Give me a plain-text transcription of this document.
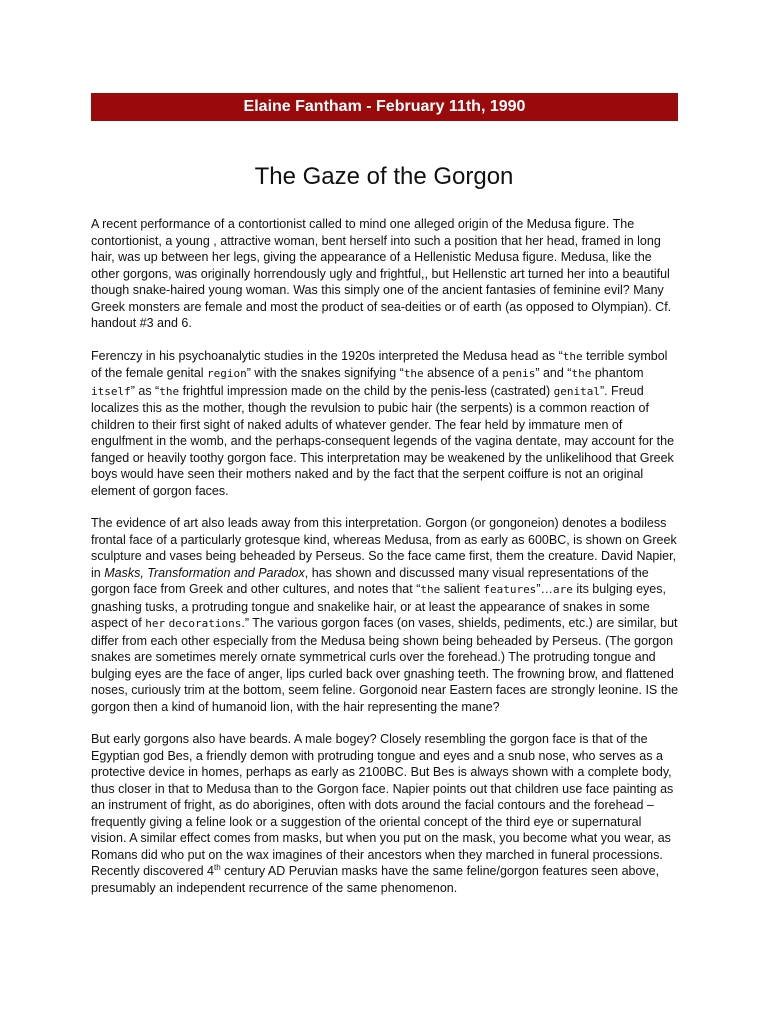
Elaine Fantham - February 11th, 1990
The Gaze of the Gorgon

A recent performance of a contortionist called to mind one alleged origin of the Medusa figure. The contortionist, a young , attractive woman, bent herself into such a position that her head, framed in long hair, was up between her legs, giving the appearance of a Hellenistic Medusa figure. Medusa, like the other gorgons, was originally horrendously ugly and frightful,, but Hellenstic art turned her into a beautiful though snake-haired young woman. Was this simply one of the ancient fantasies of feminine evil? Many Greek monsters are female and most the product of sea-deities or of earth (as opposed to Olympian). Cf. handout #3 and 6.

Ferenczy in his psychoanalytic studies in the 1920s interpreted the Medusa head as “the terrible symbol of the female genital region” with the snakes signifying “the absence of a penis” and “the phantom itself” as “the frightful impression made on the child by the penis-less (castrated) genital”. Freud localizes this as the mother, though the revulsion to pubic hair (the serpents) is a common reaction of children to their first sight of naked adults of whatever gender. The fear held by immature men of engulfment in the womb, and the perhaps-consequent legends of the vagina dentate, may account for the fanged or heavily toothy gorgon face. This interpretation may be weakened by the unlikelihood that Greek boys would have seen their mothers naked and by the fact that the serpent coiffure is not an original element of gorgon faces.

The evidence of art also leads away from this interpretation. Gorgon (or gongoneion) denotes a bodiless frontal face of a particularly grotesque kind, whereas Medusa, from as early as 600BC, is shown on Greek sculpture and vases being beheaded by Perseus. So the face came first, them the creature. David Napier, in Masks, Transformation and Paradox, has shown and discussed many visual representations of the gorgon face from Greek and other cultures, and notes that “the salient features”…are its bulging eyes, gnashing tusks, a protruding tongue and snakelike hair, or at least the appearance of snakes in some aspect of her decorations.” The various gorgon faces (on vases, shields, pediments, etc.) are similar, but differ from each other especially from the Medusa being shown being beheaded by Perseus. (The gorgon snakes are sometimes merely ornate symmetrical curls over the forehead.) The protruding tongue and bulging eyes are the face of anger, lips curled back over gnashing teeth. The frowning brow, and flattened noses, curiously trim at the bottom, seem feline. Gorgonoid near Eastern faces are strongly leonine. IS the gorgon then a kind of humanoid lion, with the hair representing the mane?

But early gorgons also have beards. A male bogey? Closely resembling the gorgon face is that of the Egyptian god Bes, a friendly demon with protruding tongue and eyes and a snub nose, who serves as a protective device in homes, perhaps as early as 2100BC. But Bes is always shown with a complete body, thus closer in that to Medusa than to the Gorgon face. Napier points out that children use face painting as an instrument of fright, as do aborigines, often with dots around the facial contours and the forehead – frequently giving a feline look or a suggestion of the oriental concept of the third eye or supernatural vision. A similar effect comes from masks, but when you put on the mask, you become what you wear, as Romans did who put on the wax imagines of their ancestors when they marched in funeral processions. Recently discovered 4th century AD Peruvian masks have the same feline/gorgon features seen above, presumably an independent recurrence of the same phenomenon.
